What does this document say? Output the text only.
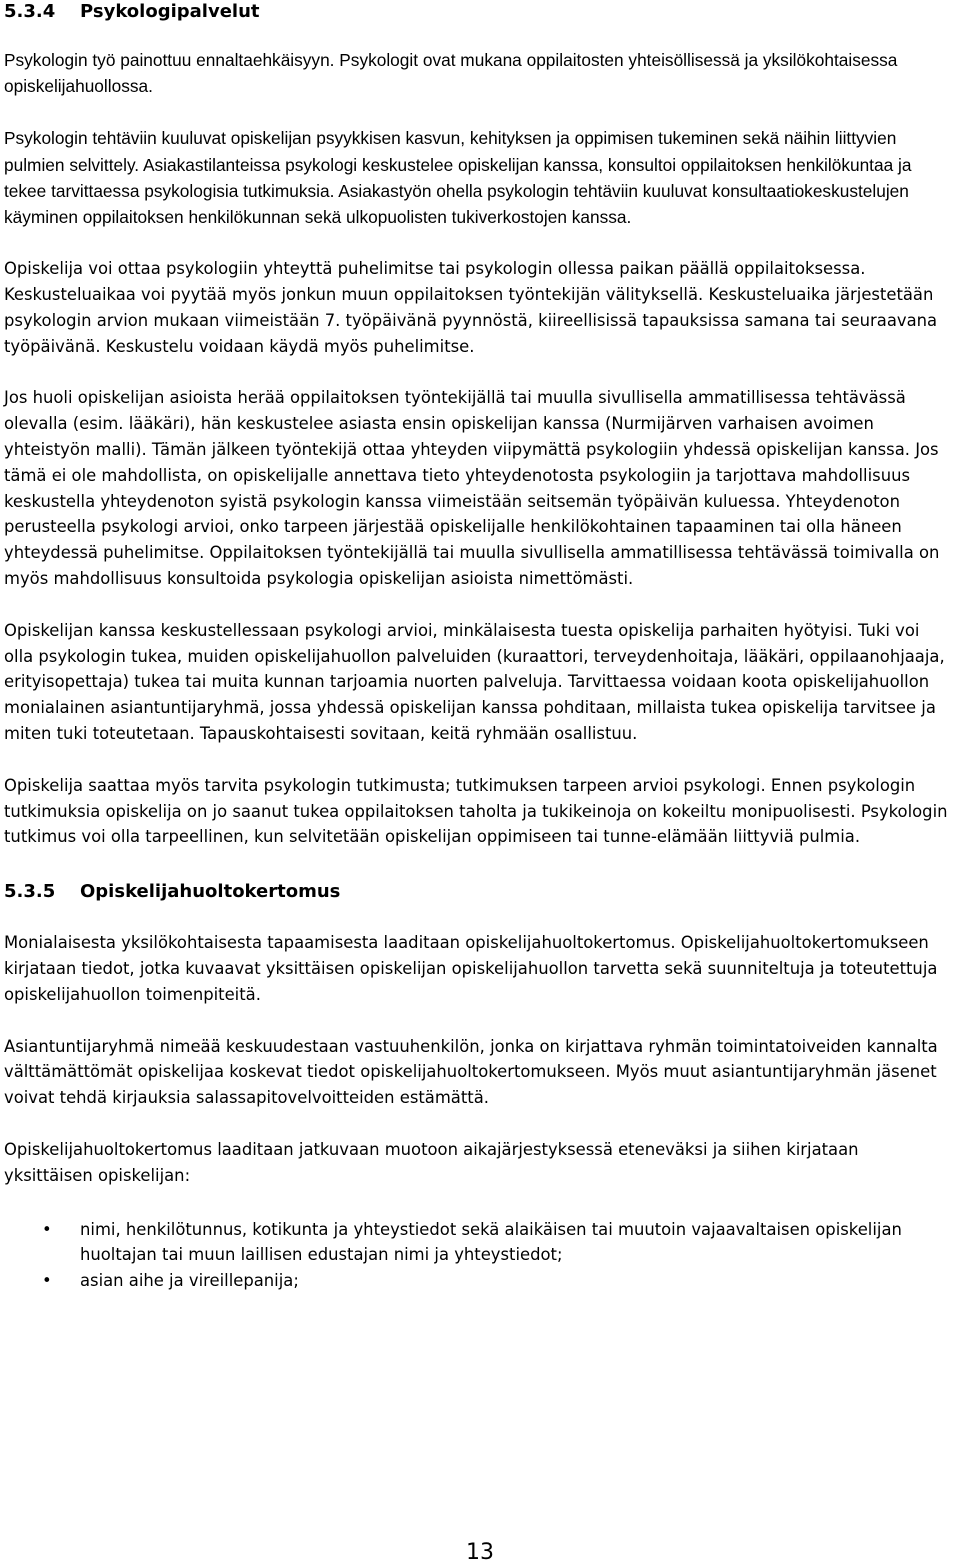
5.3.4 Psykologipalvelut

Psykologin työ painottuu ennaltaehkäisyyn. Psykologit ovat mukana oppilaitosten yhteisöllisessä ja yksilökohtaisessa opiskelijahuollossa.

Psykologin tehtäviin kuuluvat opiskelijan psyykkisen kasvun, kehityksen ja oppimisen tukeminen sekä näihin liittyvien pulmien selvittely. Asiakastilanteissa psykologi keskustelee opiskelijan kanssa, konsultoi oppilaitoksen henkilökuntaa ja tekee tarvittaessa psykologisia tutkimuksia. Asiakastyön ohella psykologin tehtäviin kuuluvat konsultaatiokeskustelujen käyminen oppilaitoksen henkilökunnan sekä ulkopuolisten tukiverkostojen kanssa.

Opiskelija voi ottaa psykologiin yhteyttä puhelimitse tai psykologin ollessa paikan päällä oppilaitoksessa. Keskusteluaikaa voi pyytää myös jonkun muun oppilaitoksen työntekijän välityksellä. Keskusteluaika järjestetään psykologin arvion mukaan viimeistään 7. työpäivänä pyynnöstä, kiireellisissä tapauksissa samana tai seuraavana työpäivänä. Keskustelu voidaan käydä myös puhelimitse.

Jos huoli opiskelijan asioista herää oppilaitoksen työntekijällä tai muulla sivullisella ammatillisessa tehtävässä olevalla (esim. lääkäri), hän keskustelee asiasta ensin opiskelijan kanssa (Nurmijärven varhaisen avoimen yhteistyön malli). Tämän jälkeen työntekijä ottaa yhteyden viipymättä psykologiin yhdessä opiskelijan kanssa. Jos tämä ei ole mahdollista, on opiskelijalle annettava tieto yhteydenotosta psykologiin ja tarjottava mahdollisuus keskustella yhteydenoton syistä psykologin kanssa viimeistään seitsemän työpäivän kuluessa. Yhteydenoton perusteella psykologi arvioi, onko tarpeen järjestää opiskelijalle henkilökohtainen tapaaminen tai olla häneen yhteydessä puhelimitse. Oppilaitoksen työntekijällä tai muulla sivullisella ammatillisessa tehtävässä toimivalla on myös mahdollisuus konsultoida psykologia opiskelijan asioista nimettömästi.

Opiskelijan kanssa keskustellessaan psykologi arvioi, minkälaisesta tuesta opiskelija parhaiten hyötyisi. Tuki voi olla psykologin tukea, muiden opiskelijahuollon palveluiden (kuraattori, terveydenhoitaja, lääkäri, oppilaanohjaaja, erityisopettaja) tukea tai muita kunnan tarjoamia nuorten palveluja. Tarvittaessa voidaan koota opiskelijahuollon monialainen asiantuntijaryhmä, jossa yhdessä opiskelijan kanssa pohditaan, millaista tukea opiskelija tarvitsee ja miten tuki toteutetaan. Tapauskohtaisesti sovitaan, keitä ryhmään osallistuu.

Opiskelija saattaa myös tarvita psykologin tutkimusta; tutkimuksen tarpeen arvioi psykologi. Ennen psykologin tutkimuksia opiskelija on jo saanut tukea oppilaitoksen taholta ja tukikeinoja on kokeiltu monipuolisesti. Psykologin tutkimus voi olla tarpeellinen, kun selvitetään opiskelijan oppimiseen tai tunne-elämään liittyviä pulmia.

5.3.5 Opiskelijahuoltokertomus

Monialaisesta yksilökohtaisesta tapaamisesta laaditaan opiskelijahuoltokertomus. Opiskelijahuoltokertomukseen kirjataan tiedot, jotka kuvaavat yksittäisen opiskelijan opiskelijahuollon tarvetta sekä suunniteltuja ja toteutettuja opiskelijahuollon toimenpiteitä.

Asiantuntijaryhmä nimeää keskuudestaan vastuuhenkilön, jonka on kirjattava ryhmän toimintatoiveiden kannalta välttämättömät opiskelijaa koskevat tiedot opiskelijahuoltokertomukseen. Myös muut asiantuntijaryhmän jäsenet voivat tehdä kirjauksia salassapitovelvoitteiden estämättä.

Opiskelijahuoltokertomus laaditaan jatkuvaan muotoon aikajärjestyksessä eteneväksi ja siihen kirjataan yksittäisen opiskelijan:

• nimi, henkilötunnus, kotikunta ja yhteystiedot sekä alaikäisen tai muutoin vajaavaltaisen opiskelijan huoltajan tai muun laillisen edustajan nimi ja yhteystiedot;
• asian aihe ja vireillepanija;
13
